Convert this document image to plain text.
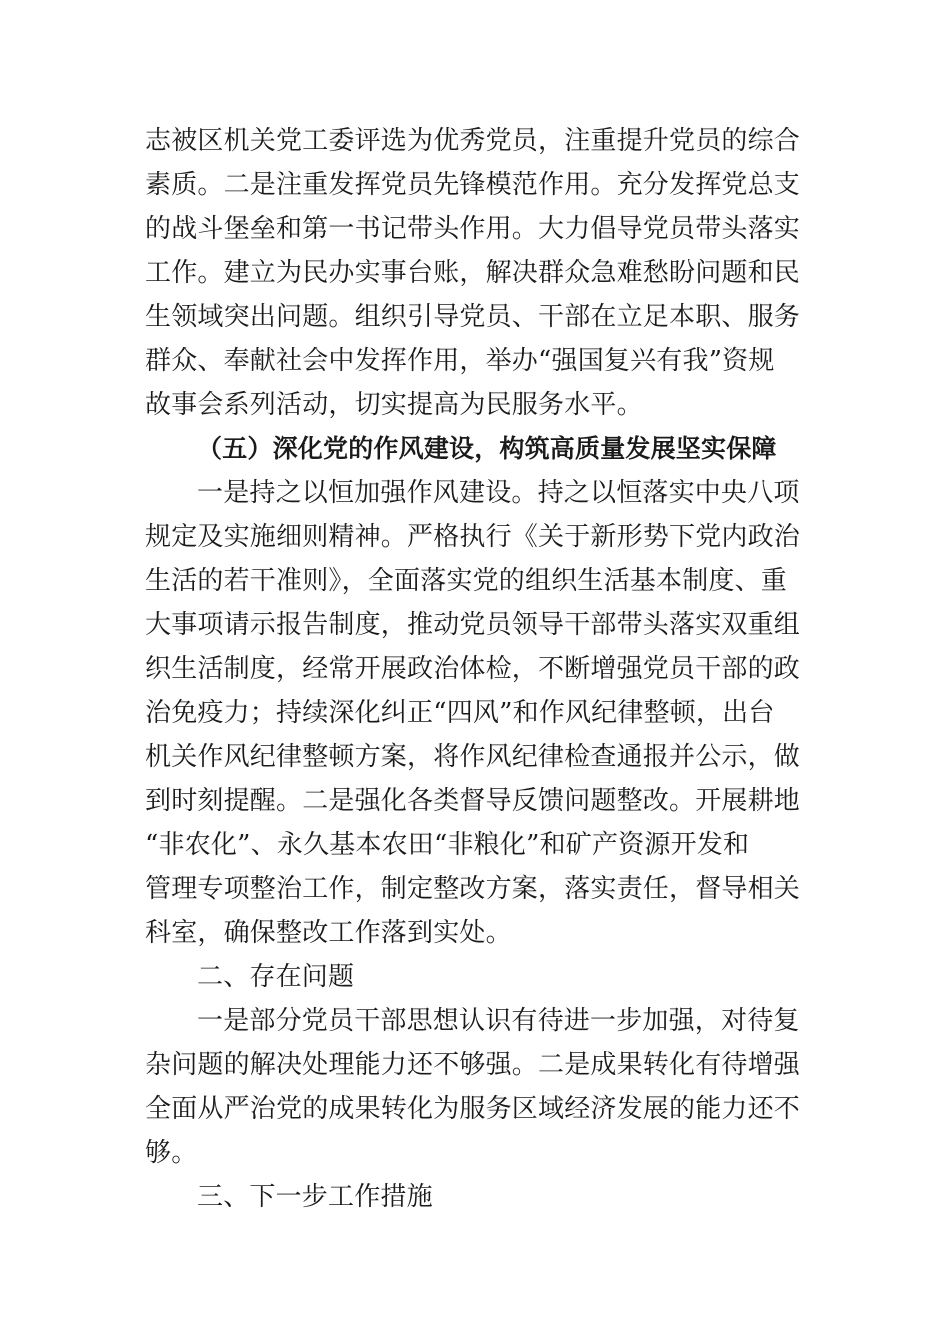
志被区机关党工委评选为优秀党员，注重提升党员的综合
素质。二是注重发挥党员先锋模范作用。充分发挥党总支
的战斗堡垒和第一书记带头作用。大力倡导党员带头落实
工作。建立为民办实事台账，解决群众急难愁盼问题和民
生领域突出问题。组织引导党员、干部在立足本职、服务
群众、奉献社会中发挥作用，举办“强国复兴有我”资规
故事会系列活动，切实提高为民服务水平。
（五）深化党的作风建设，构筑高质量发展坚实保障
一是持之以恒加强作风建设。持之以恒落实中央八项
规定及实施细则精神。严格执行《关于新形势下党内政治
生活的若干准则》，全面落实党的组织生活基本制度、重
大事项请示报告制度，推动党员领导干部带头落实双重组
织生活制度，经常开展政治体检，不断增强党员干部的政
治免疫力；持续深化纠正“四风”和作风纪律整顿，出台
机关作风纪律整顿方案，将作风纪律检查通报并公示，做
到时刻提醒。二是强化各类督导反馈问题整改。开展耕地
“非农化”、永久基本农田“非粮化”和矿产资源开发和
管理专项整治工作，制定整改方案，落实责任，督导相关
科室，确保整改工作落到实处。
二、存在问题
一是部分党员干部思想认识有待进一步加强，对待复
杂问题的解决处理能力还不够强。二是成果转化有待增强
全面从严治党的成果转化为服务区域经济发展的能力还不
够。
三、下一步工作措施
